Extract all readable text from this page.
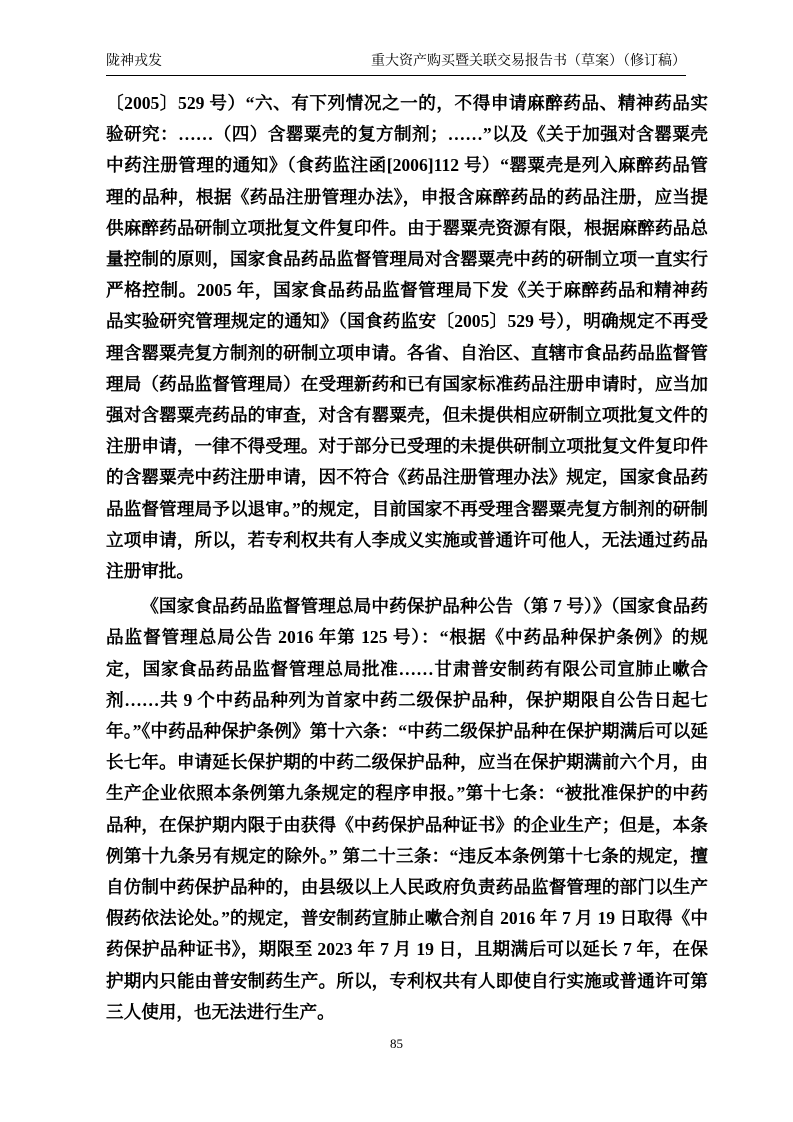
陇神戎发	重大资产购买暨关联交易报告书（草案）（修订稿）

〔2005〕529 号）“六、有下列情况之一的，不得申请麻醉药品、精神药品实验研究：……（四）含罂粟壳的复方制剂；……”以及《关于加强对含罂粟壳中药注册管理的通知》（食药监注函[2006]112 号）“罂粟壳是列入麻醉药品管理的品种，根据《药品注册管理办法》，申报含麻醉药品的药品注册，应当提供麻醉药品研制立项批复文件复印件。由于罂粟壳资源有限，根据麻醉药品总量控制的原则，国家食品药品监督管理局对含罂粟壳中药的研制立项一直实行严格控制。2005 年，国家食品药品监督管理局下发《关于麻醉药品和精神药品实验研究管理规定的通知》（国食药监安〔2005〕529 号），明确规定不再受理含罂粟壳复方制剂的研制立项申请。各省、自治区、直辖市食品药品监督管理局（药品监督管理局）在受理新药和已有国家标准药品注册申请时，应当加强对含罂粟壳药品的审查，对含有罂粟壳，但未提供相应研制立项批复文件的注册申请，一律不得受理。对于部分已受理的未提供研制立项批复文件复印件的含罂粟壳中药注册申请，因不符合《药品注册管理办法》规定，国家食品药品监督管理局予以退审。”的规定，目前国家不再受理含罂粟壳复方制剂的研制立项申请，所以，若专利权共有人李成义实施或普通许可他人，无法通过药品注册审批。

《国家食品药品监督管理总局中药保护品种公告（第 7 号）》（国家食品药品监督管理总局公告 2016 年第 125 号）：“根据《中药品种保护条例》的规定，国家食品药品监督管理总局批准……甘肃普安制药有限公司宣肺止嗽合剂……共 9 个中药品种列为首家中药二级保护品种，保护期限自公告日起七年。”《中药品种保护条例》第十六条：“中药二级保护品种在保护期满后可以延长七年。申请延长保护期的中药二级保护品种，应当在保护期满前六个月，由生产企业依照本条例第九条规定的程序申报。”第十七条：“被批准保护的中药品种，在保护期内限于由获得《中药保护品种证书》的企业生产；但是，本条例第十九条另有规定的除外。” 第二十三条：“违反本条例第十七条的规定，擅自仿制中药保护品种的，由县级以上人民政府负责药品监督管理的部门以生产假药依法论处。”的规定，普安制药宣肺止嗽合剂自 2016 年 7 月 19 日取得《中药保护品种证书》，期限至 2023 年 7 月 19 日，且期满后可以延长 7 年，在保护期内只能由普安制药生产。所以，专利权共有人即使自行实施或普通许可第三人使用，也无法进行生产。

85
